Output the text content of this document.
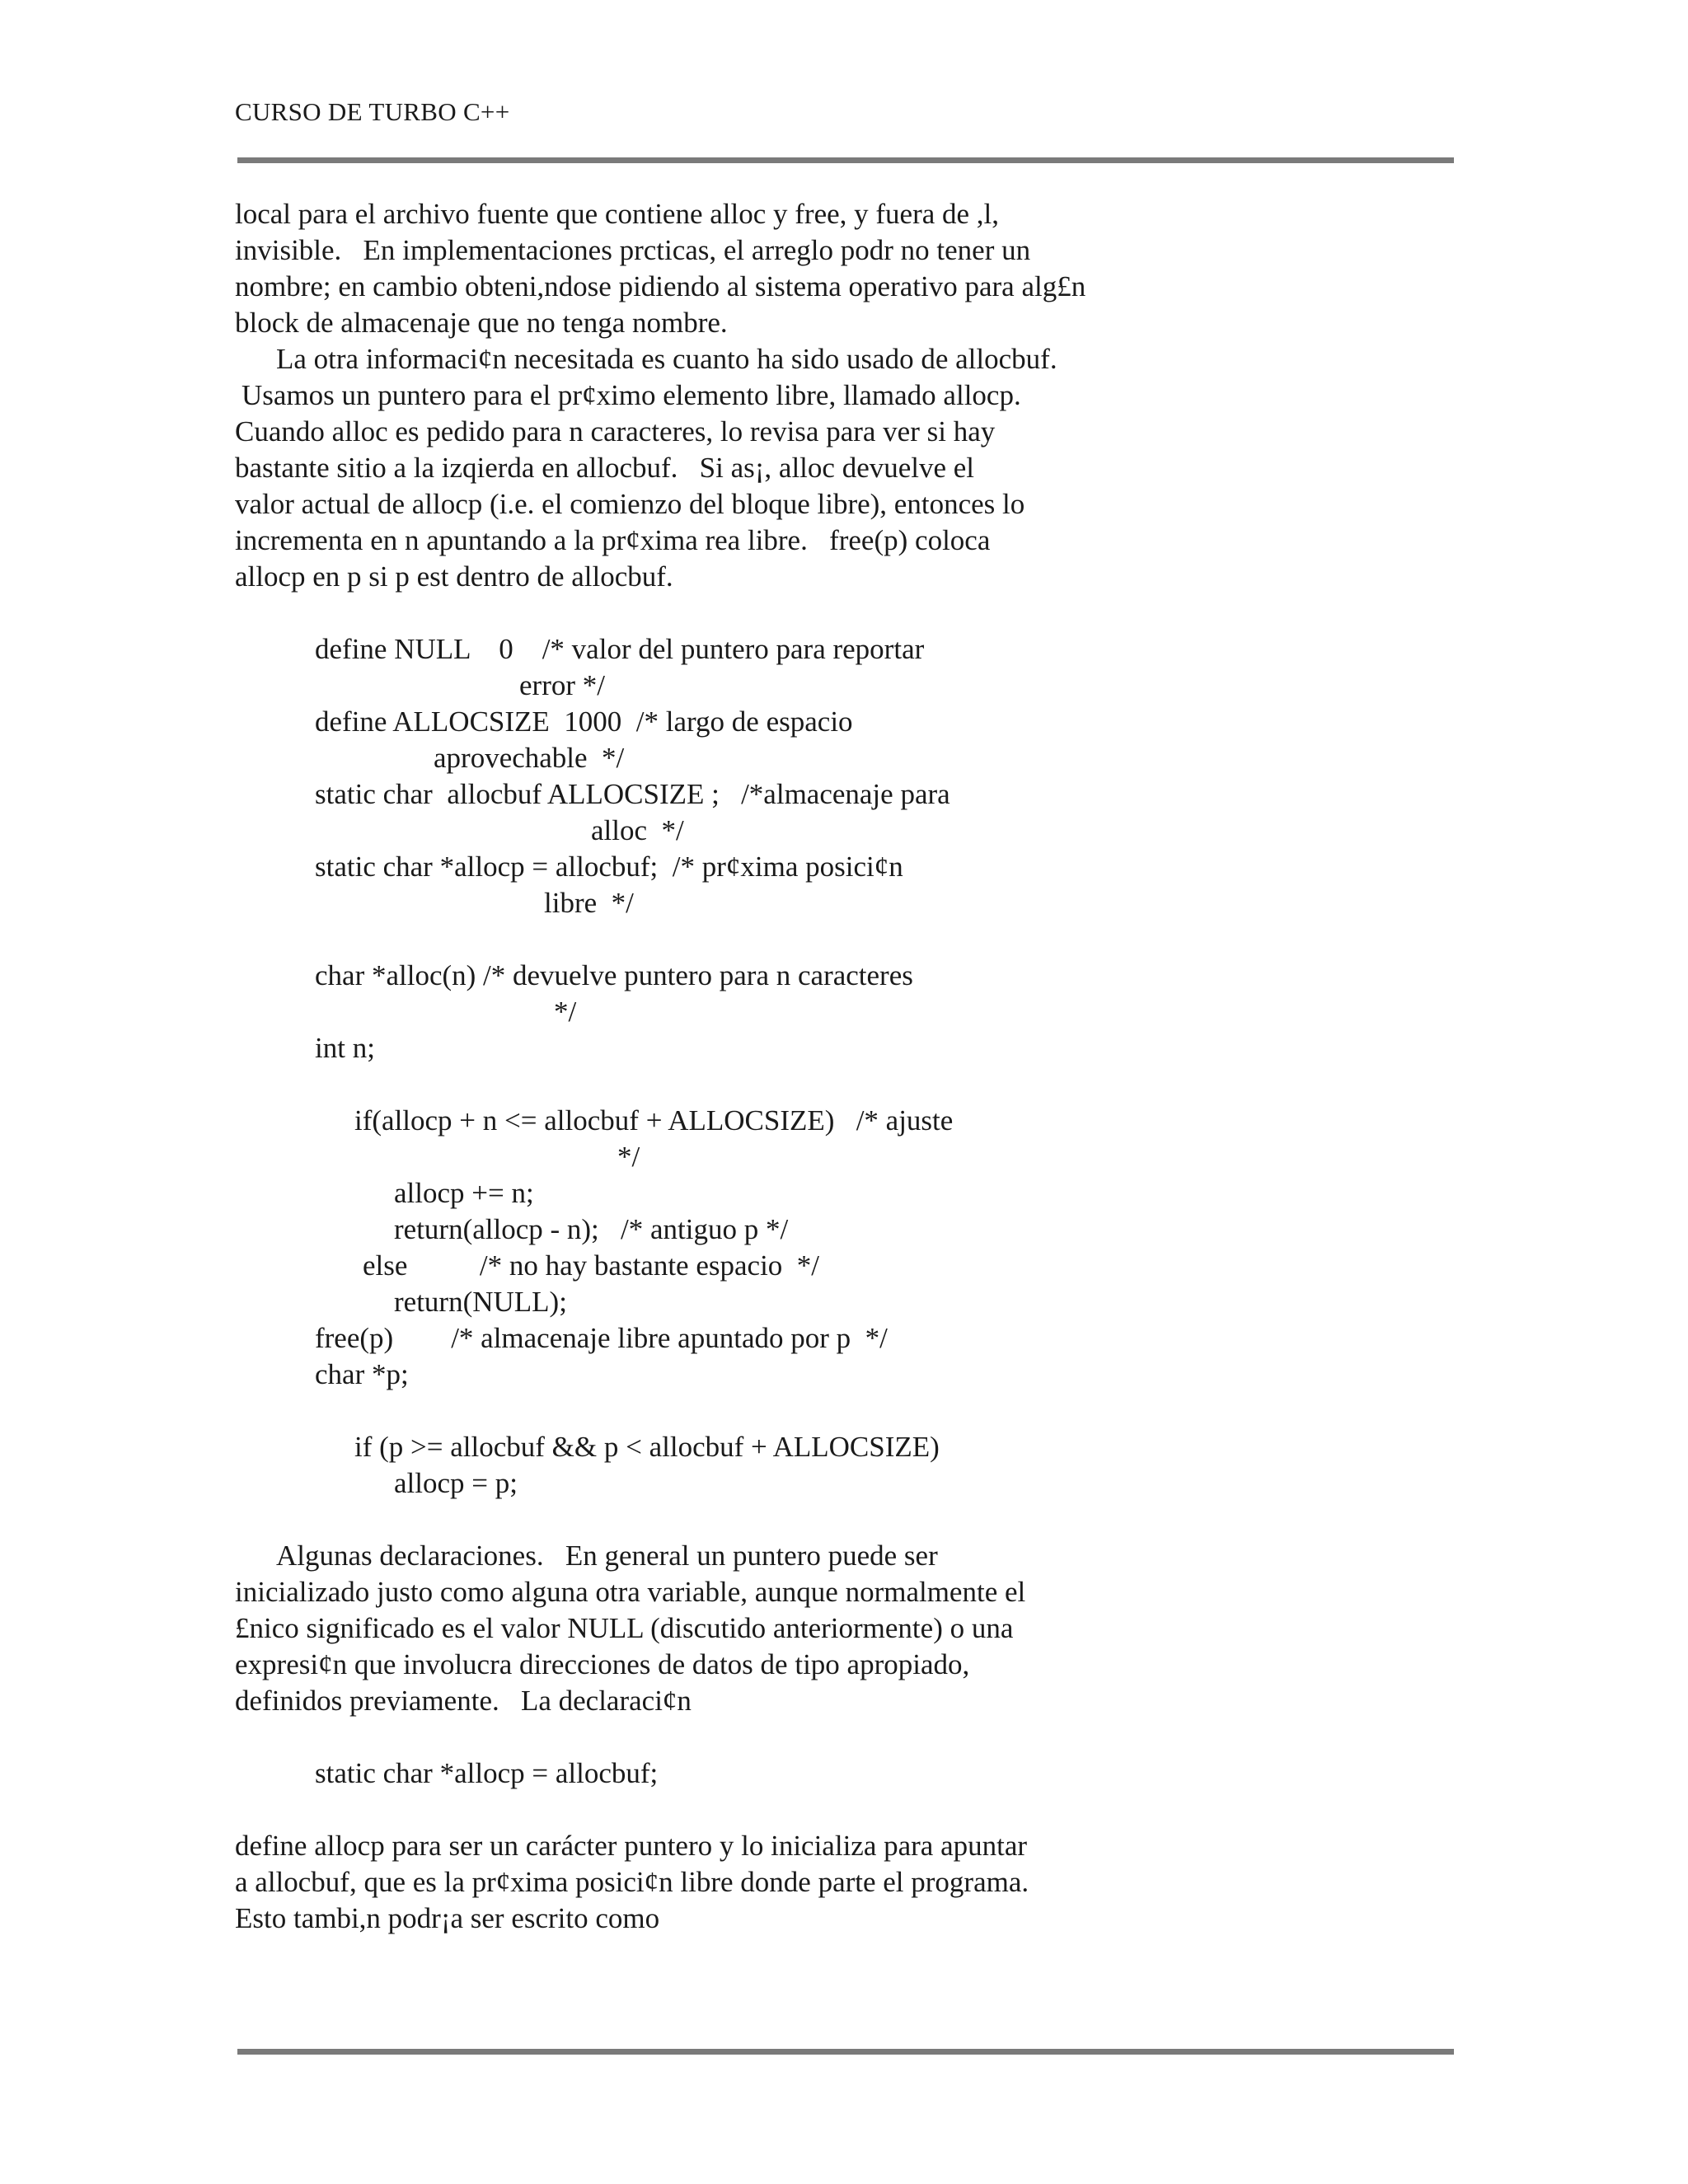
CURSO DE TURBO C++
local para el archivo fuente que contiene alloc y free, y fuera de ,l,
invisible.   En implementaciones prcticas, el arreglo podr no tener un
nombre; en cambio obteni,ndose pidiendo al sistema operativo para alg£n
block de almacenaje que no tenga nombre.
La otra informaci¢n necesitada es cuanto ha sido usado de allocbuf.
Usamos un puntero para el pr¢ximo elemento libre, llamado allocp.
Cuando alloc es pedido para n caracteres, lo revisa para ver si hay
bastante sitio a la izqierda en allocbuf.   Si as¡, alloc devuelve el
valor actual de allocp (i.e. el comienzo del bloque libre), entonces lo
incrementa en n apuntando a la pr¢xima rea libre.   free(p) coloca
allocp en p si p est dentro de allocbuf.
define NULL    0    /* valor del puntero para reportar
error */
define ALLOCSIZE  1000  /* largo de espacio
aprovechable  */
static char  allocbuf ALLOCSIZE ;   /*almacenaje para
alloc  */
static char *allocp = allocbuf;  /* pr¢xima posici¢n
libre  */
char *alloc(n) /* devuelve puntero para n caracteres
*/
int n;
if(allocp + n <= allocbuf + ALLOCSIZE)   /* ajuste
*/
allocp += n;
return(allocp - n);   /* antiguo p */
else          /* no hay bastante espacio  */
return(NULL);
free(p)        /* almacenaje libre apuntado por p  */
char *p;
if (p >= allocbuf && p < allocbuf + ALLOCSIZE)
allocp = p;
Algunas declaraciones.   En general un puntero puede ser
inicializado justo como alguna otra variable, aunque normalmente el
£nico significado es el valor NULL (discutido anteriormente) o una
expresi¢n que involucra direcciones de datos de tipo apropiado,
definidos previamente.   La declaraci¢n
static char *allocp = allocbuf;
define allocp para ser un carácter puntero y lo inicializa para apuntar
a allocbuf, que es la pr¢xima posici¢n libre donde parte el programa.
Esto tambi,n podr¡a ser escrito como
